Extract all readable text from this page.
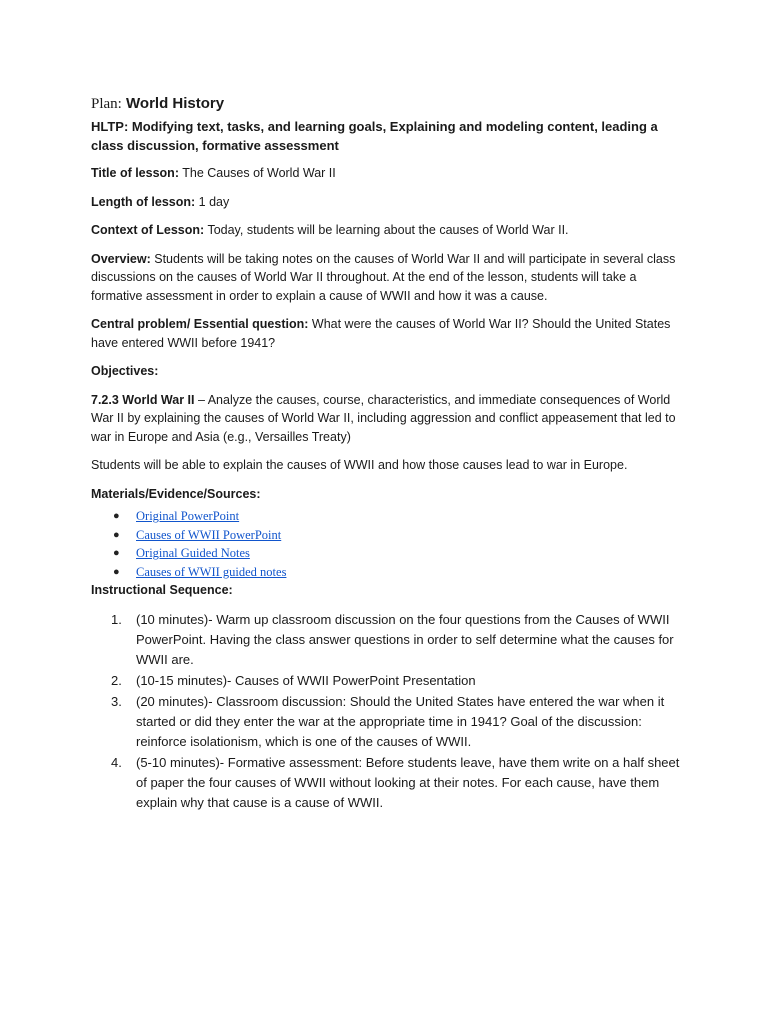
Plan: World History
HLTP: Modifying text, tasks, and learning goals, Explaining and modeling content, leading a class discussion, formative assessment

Title of lesson: The Causes of World War II

Length of lesson: 1 day

Context of Lesson: Today, students will be learning about the causes of World War II.

Overview: Students will be taking notes on the causes of World War II and will participate in several class discussions on the causes of World War II throughout. At the end of the lesson, students will take a formative assessment in order to explain a cause of WWII and how it was a cause.

Central problem/ Essential question: What were the causes of World War II? Should the United States have entered WWII before 1941?

Objectives:

7.2.3 World War II – Analyze the causes, course, characteristics, and immediate consequences of World War II by explaining the causes of World War II, including aggression and conflict appeasement that led to war in Europe and Asia (e.g., Versailles Treaty)

Students will be able to explain the causes of WWII and how those causes lead to war in Europe.

Materials/Evidence/Sources:

● Original PowerPoint
● Causes of WWII PowerPoint
● Original Guided Notes
● Causes of WWII guided notes
Instructional Sequence:
1. (10 minutes)- Warm up classroom discussion on the four questions from the Causes of WWII PowerPoint. Having the class answer questions in order to self determine what the causes for WWII are.
2. (10-15 minutes)- Causes of WWII PowerPoint Presentation
3. (20 minutes)- Classroom discussion: Should the United States have entered the war when it started or did they enter the war at the appropriate time in 1941? Goal of the discussion: reinforce isolationism, which is one of the causes of WWII.
4. (5-10 minutes)- Formative assessment: Before students leave, have them write on a half sheet of paper the four causes of WWII without looking at their notes. For each cause, have them explain why that cause is a cause of WWII.
